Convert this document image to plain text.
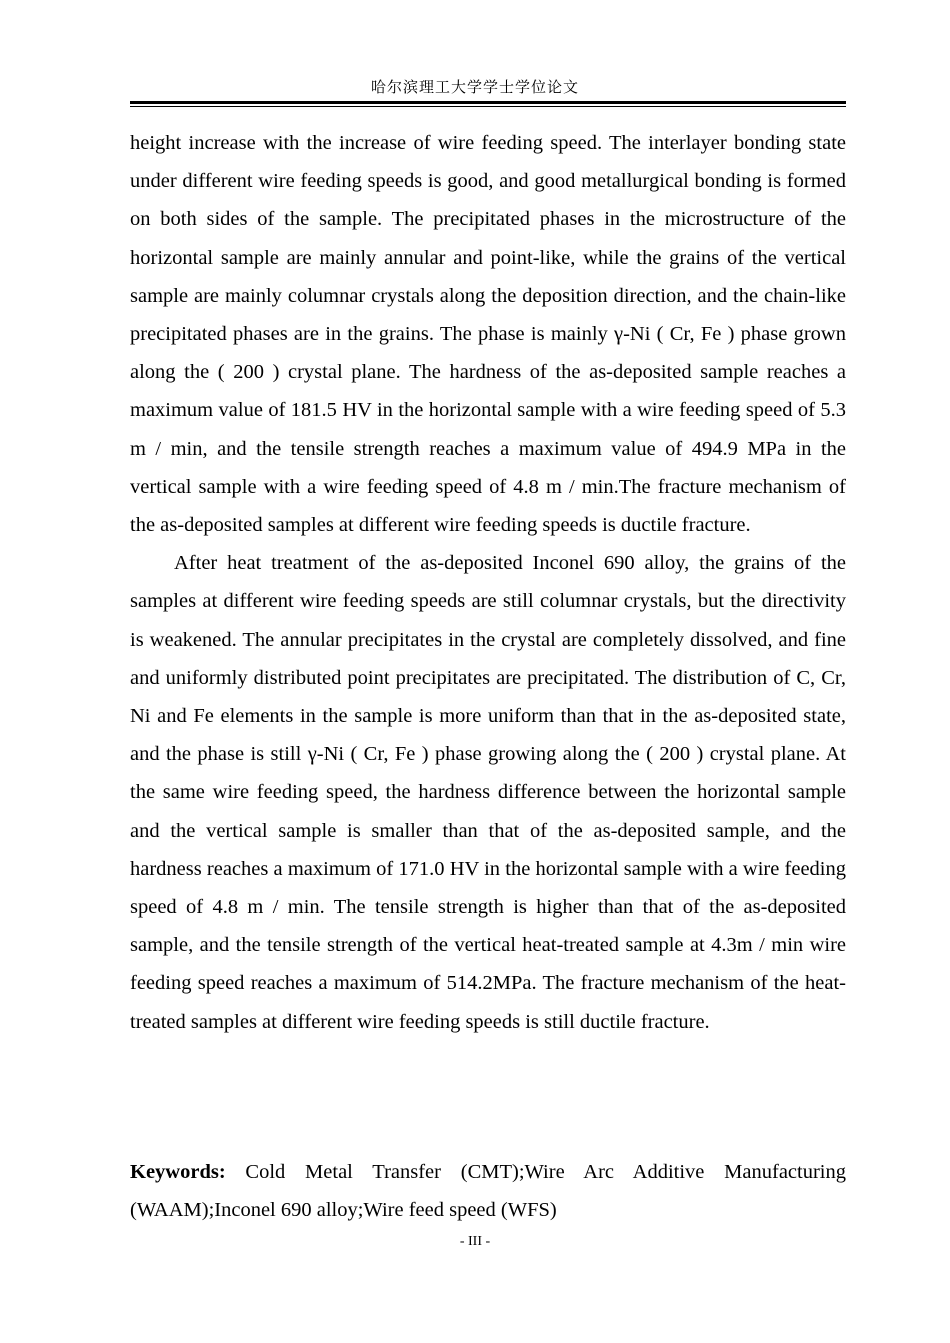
哈尔滨理工大学学士学位论文

height increase with the increase of wire feeding speed. The interlayer bonding state under different wire feeding speeds is good, and good metallurgical bonding is formed on both sides of the sample. The precipitated phases in the microstructure of the horizontal sample are mainly annular and point-like, while the grains of the vertical sample are mainly columnar crystals along the deposition direction, and the chain-like precipitated phases are in the grains. The phase is mainly γ-Ni ( Cr, Fe ) phase grown along the ( 200 ) crystal plane. The hardness of the as-deposited sample reaches a maximum value of 181.5 HV in the horizontal sample with a wire feeding speed of 5.3 m / min, and the tensile strength reaches a maximum value of 494.9 MPa in the vertical sample with a wire feeding speed of 4.8 m / min.The fracture mechanism of the as-deposited samples at different wire feeding speeds is ductile fracture.

After heat treatment of the as-deposited Inconel 690 alloy, the grains of the samples at different wire feeding speeds are still columnar crystals, but the directivity is weakened. The annular precipitates in the crystal are completely dissolved, and fine and uniformly distributed point precipitates are precipitated. The distribution of C, Cr, Ni and Fe elements in the sample is more uniform than that in the as-deposited state, and the phase is still γ-Ni ( Cr, Fe ) phase growing along the ( 200 ) crystal plane. At the same wire feeding speed, the hardness difference between the horizontal sample and the vertical sample is smaller than that of the as-deposited sample, and the hardness reaches a maximum of 171.0 HV in the horizontal sample with a wire feeding speed of 4.8 m / min. The tensile strength is higher than that of the as-deposited sample, and the tensile strength of the vertical heat-treated sample at 4.3m / min wire feeding speed reaches a maximum of 514.2MPa. The fracture mechanism of the heat-treated samples at different wire feeding speeds is still ductile fracture.

Keywords: Cold Metal Transfer (CMT);Wire Arc Additive Manufacturing (WAAM);Inconel 690 alloy;Wire feed speed (WFS)
- III -
